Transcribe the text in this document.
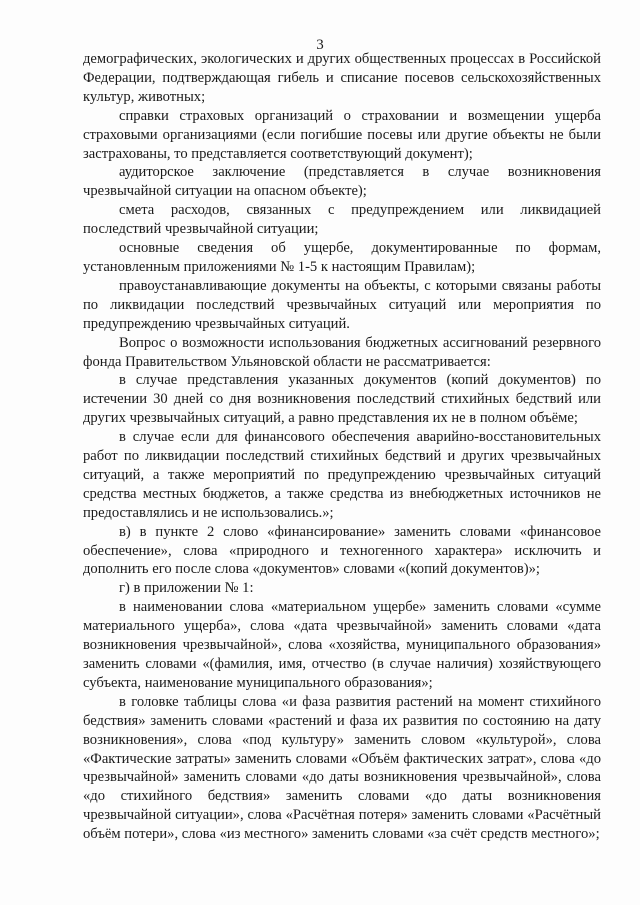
3

демографических, экологических и других общественных процессах в Российской Федерации, подтверждающая гибель и списание посевов сельскохозяйственных культур, животных;

справки страховых организаций о страховании и возмещении ущерба страховыми организациями (если погибшие посевы или другие объекты не были застрахованы, то представляется соответствующий документ);

аудиторское заключение (представляется в случае возникновения чрезвычайной ситуации на опасном объекте);

смета расходов, связанных с предупреждением или ликвидацией последствий чрезвычайной ситуации;

основные сведения об ущербе, документированные по формам, установленным приложениями № 1-5 к настоящим Правилам);

правоустанавливающие документы на объекты, с которыми связаны работы по ликвидации последствий чрезвычайных ситуаций или мероприятия по предупреждению чрезвычайных ситуаций.

Вопрос о возможности использования бюджетных ассигнований резервного фонда Правительством Ульяновской области не рассматривается:

в случае представления указанных документов (копий документов) по истечении 30 дней со дня возникновения последствий стихийных бедствий или других чрезвычайных ситуаций, а равно представления их не в полном объёме;

в случае если для финансового обеспечения аварийно-восстановительных работ по ликвидации последствий стихийных бедствий и других чрезвычайных ситуаций, а также мероприятий по предупреждению чрезвычайных ситуаций средства местных бюджетов, а также средства из внебюджетных источников не предоставлялись и не использовались.»;

в) в пункте 2 слово «финансирование» заменить словами «финансовое обеспечение», слова «природного и техногенного характера» исключить и дополнить его после слова «документов» словами «(копий документов)»;

г) в приложении № 1:

в наименовании слова «материальном ущербе» заменить словами «сумме материального ущерба», слова «дата чрезвычайной» заменить словами «дата возникновения чрезвычайной», слова «хозяйства, муниципального образования» заменить словами «(фамилия, имя, отчество (в случае наличия) хозяйствующего субъекта, наименование муниципального образования»;

в головке таблицы слова «и фаза развития растений на момент стихийного бедствия» заменить словами «растений и фаза их развития по состоянию на дату возникновения», слова «под культуру» заменить словом «культурой», слова «Фактические затраты» заменить словами «Объём фактических затрат», слова «до чрезвычайной» заменить словами «до даты возникновения чрезвычайной», слова «до стихийного бедствия» заменить словами «до даты возникновения чрезвычайной ситуации», слова «Расчётная потеря» заменить словами «Расчётный объём потери», слова «из местного» заменить словами «за счёт средств местного»;
